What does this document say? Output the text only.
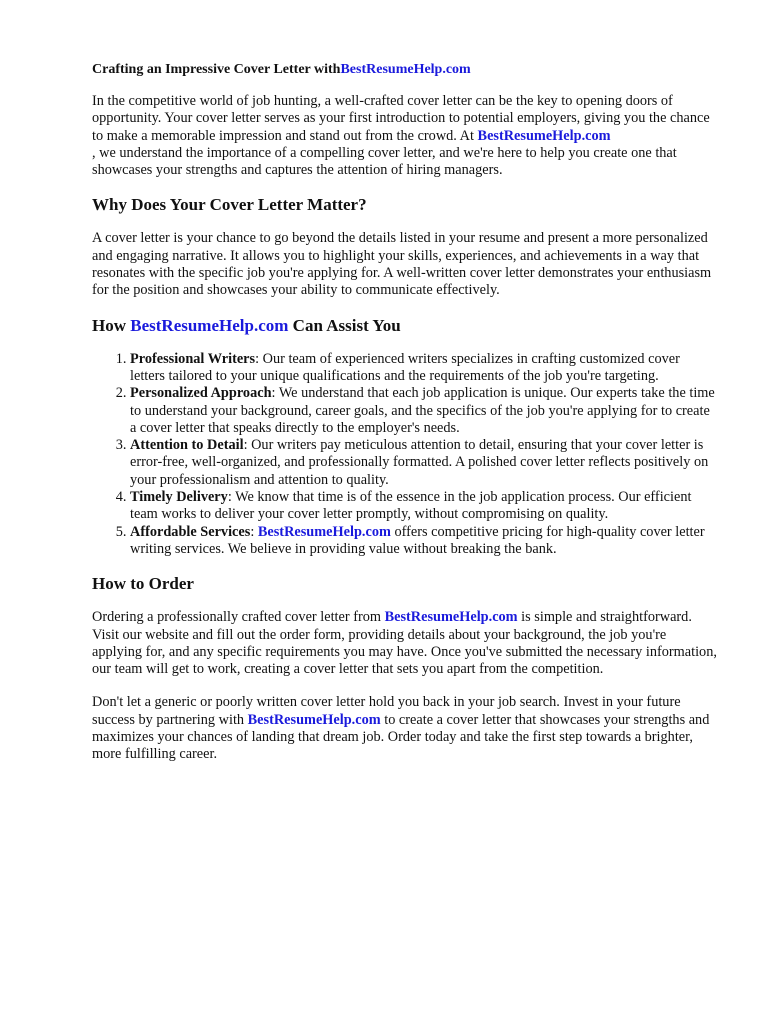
Crafting an Impressive Cover Letter withBestResumeHelp.com

In the competitive world of job hunting, a well-crafted cover letter can be the key to opening doors of opportunity. Your cover letter serves as your first introduction to potential employers, giving you the chance to make a memorable impression and stand out from the crowd. At BestResumeHelp.com
, we understand the importance of a compelling cover letter, and we're here to help you create one that showcases your strengths and captures the attention of hiring managers.

Why Does Your Cover Letter Matter?

A cover letter is your chance to go beyond the details listed in your resume and present a more personalized and engaging narrative. It allows you to highlight your skills, experiences, and achievements in a way that resonates with the specific job you're applying for. A well-written cover letter demonstrates your enthusiasm for the position and showcases your ability to communicate effectively.

How BestResumeHelp.com Can Assist You
1. Professional Writers: Our team of experienced writers specializes in crafting customized cover letters tailored to your unique qualifications and the requirements of the job you're targeting.
2. Personalized Approach: We understand that each job application is unique. Our experts take the time to understand your background, career goals, and the specifics of the job you're applying for to create a cover letter that speaks directly to the employer's needs.
3. Attention to Detail: Our writers pay meticulous attention to detail, ensuring that your cover letter is error-free, well-organized, and professionally formatted. A polished cover letter reflects positively on your professionalism and attention to quality.
4. Timely Delivery: We know that time is of the essence in the job application process. Our efficient team works to deliver your cover letter promptly, without compromising on quality.
5. Affordable Services: BestResumeHelp.com offers competitive pricing for high-quality cover letter writing services. We believe in providing value without breaking the bank.
How to Order

Ordering a professionally crafted cover letter from BestResumeHelp.com is simple and straightforward. Visit our website and fill out the order form, providing details about your background, the job you're applying for, and any specific requirements you may have. Once you've submitted the necessary information, our team will get to work, creating a cover letter that sets you apart from the competition.

Don't let a generic or poorly written cover letter hold you back in your job search. Invest in your future success by partnering with BestResumeHelp.com to create a cover letter that showcases your strengths and maximizes your chances of landing that dream job. Order today and take the first step towards a brighter, more fulfilling career.
